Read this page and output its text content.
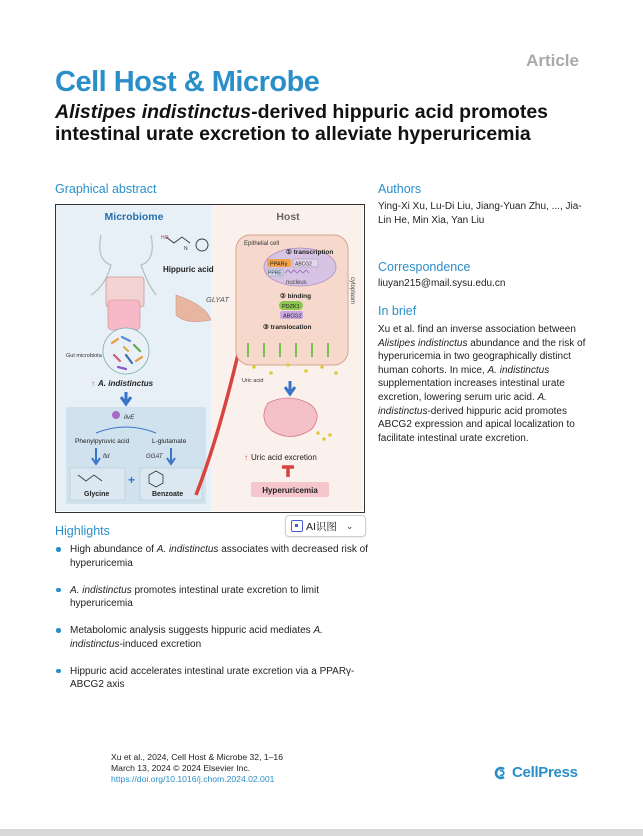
Article
Cell Host & Microbe
Alistipes indistinctus-derived hippuric acid promotes intestinal urate excretion to alleviate hyperuricemia
Graphical abstract
Microbiome	Host
HO
N
Hippuric acid
GLYAT
Gut microbiota
↑ A. indistinctus
ilvE
Phenylpyruvic acid	L-glutamate
fld	GGAT
Glycine
+
Benzoate
Epithelial cell
① transcription
PPARγ ABCG2
PPRE
nucleus
② binding
PDZK1
ABCG2
③ translocation
cytoplasm
Uric acid
↑ Uric acid excretion
Hyperuricemia
AI识图 ⌄
Highlights
High abundance of A. indistinctus associates with decreased risk of hyperuricemia
A. indistinctus promotes intestinal urate excretion to limit hyperuricemia
Metabolomic analysis suggests hippuric acid mediates A. indistinctus-induced excretion
Hippuric acid accelerates intestinal urate excretion via a PPARγ-ABCG2 axis
Authors
Ying-Xi Xu, Lu-Di Liu, Jiang-Yuan Zhu, ..., Jia-Lin He, Min Xia, Yan Liu
Correspondence
liuyan215@mail.sysu.edu.cn
In brief
Xu et al. find an inverse association between Alistipes indistinctus abundance and the risk of hyperuricemia in two geographically distinct human cohorts. In mice, A. indistinctus supplementation increases intestinal urate excretion, lowering serum uric acid. A. indistinctus-derived hippuric acid promotes ABCG2 expression and apical localization to facilitate intestinal urate excretion.
Xu et al., 2024, Cell Host & Microbe 32, 1–16
March 13, 2024 © 2024 Elsevier Inc.
https://doi.org/10.1016/j.chom.2024.02.001	CellPress
